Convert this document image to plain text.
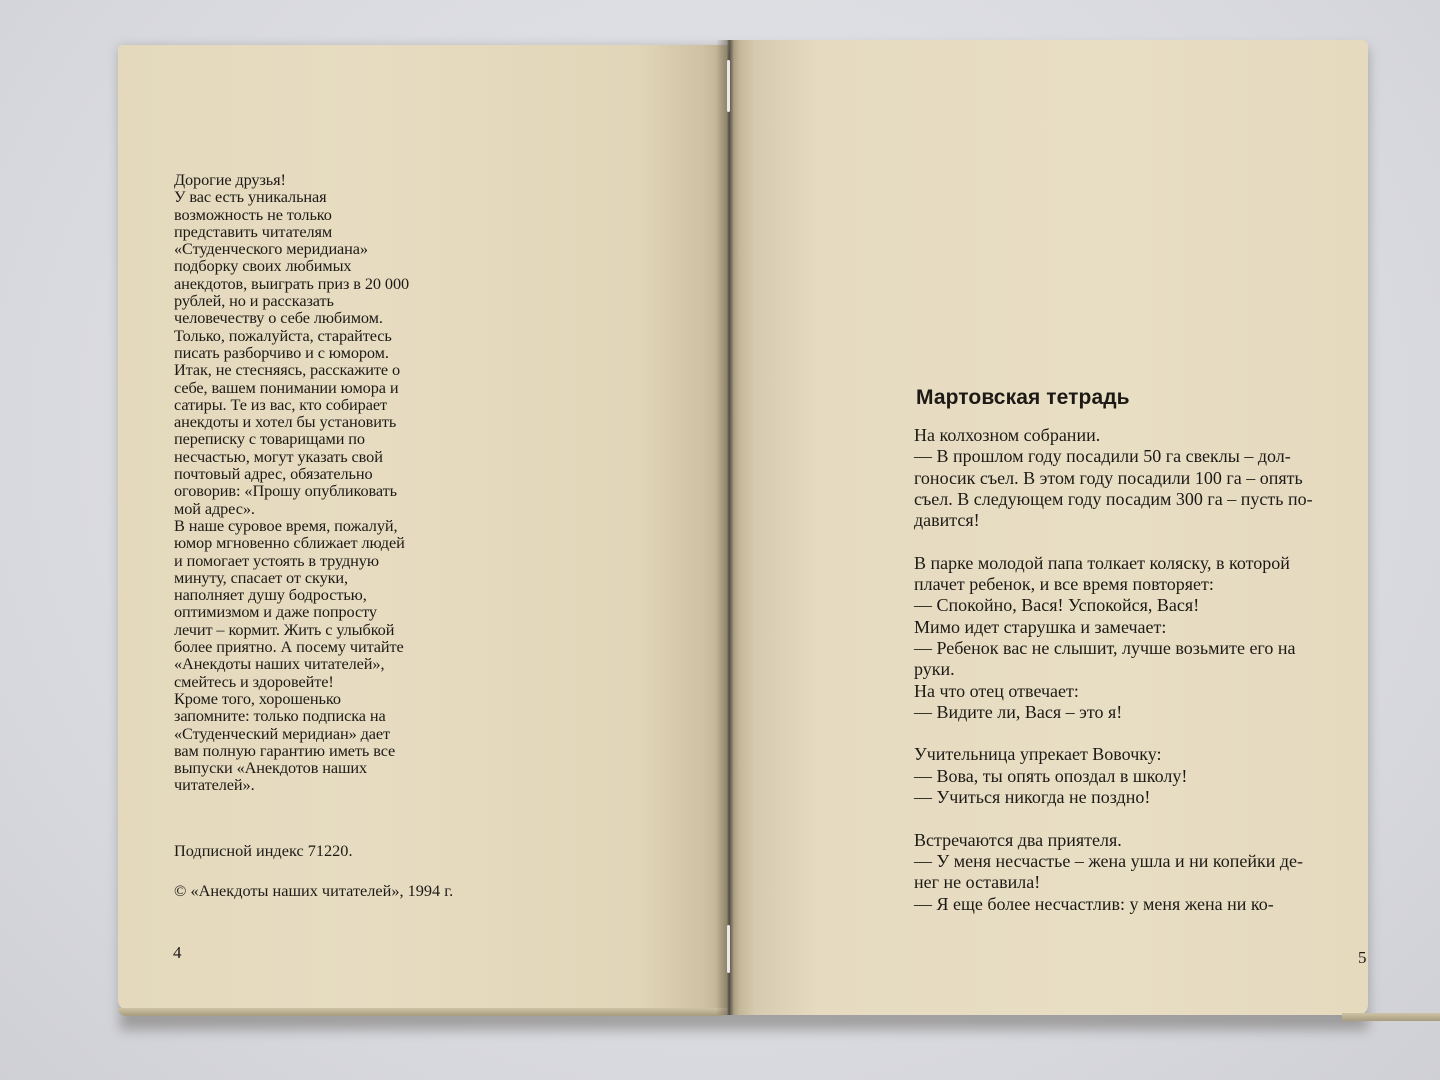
Дорогие друзья!
У вас есть уникальная
возможность не только
представить читателям
«Студенческого меридиана»
подборку своих любимых
анекдотов, выиграть приз в 20 000
рублей, но и рассказать
человечеству о себе любимом.
Только, пожалуйста, старайтесь
писать разборчиво и с юмором.
Итак, не стесняясь, расскажите о
себе, вашем понимании юмора и
сатиры. Те из вас, кто собирает
анекдоты и хотел бы установить
переписку с товарищами по
несчастью, могут указать свой
почтовый адрес, обязательно
оговорив: «Прошу опубликовать
мой адрес».
В наше суровое время, пожалуй,
юмор мгновенно сближает людей
и помогает устоять в трудную
минуту, спасает от скуки,
наполняет душу бодростью,
оптимизмом и даже попросту
лечит – кормит. Жить с улыбкой
более приятно. А посему читайте
«Анекдоты наших читателей»,
смейтесь и здоровейте!
Кроме того, хорошенько
запомните: только подписка на
«Студенческий меридиан» дает
вам полную гарантию иметь все
выпуски «Анекдотов наших
читателей».
Подписной индекс 71220.
© «Анекдоты наших читателей», 1994 г.
4
Мартовская тетрадь
На колхозном собрании.
— В прошлом году посадили 50 га свеклы – дол-
гоносик съел. В этом году посадили 100 га – опять
съел. В следующем году посадим 300 га – пусть по-
давится!
В парке молодой папа толкает коляску, в которой
плачет ребенок, и все время повторяет:
— Спокойно, Вася! Успокойся, Вася!
Мимо идет старушка и замечает:
— Ребенок вас не слышит, лучше возьмите его на
руки.
На что отец отвечает:
— Видите ли, Вася – это я!
Учительница упрекает Вовочку:
— Вова, ты опять опоздал в школу!
— Учиться никогда не поздно!
Встречаются два приятеля.
— У меня несчастье – жена ушла и ни копейки де-
нег не оставила!
— Я еще более несчастлив: у меня жена ни ко-
5
